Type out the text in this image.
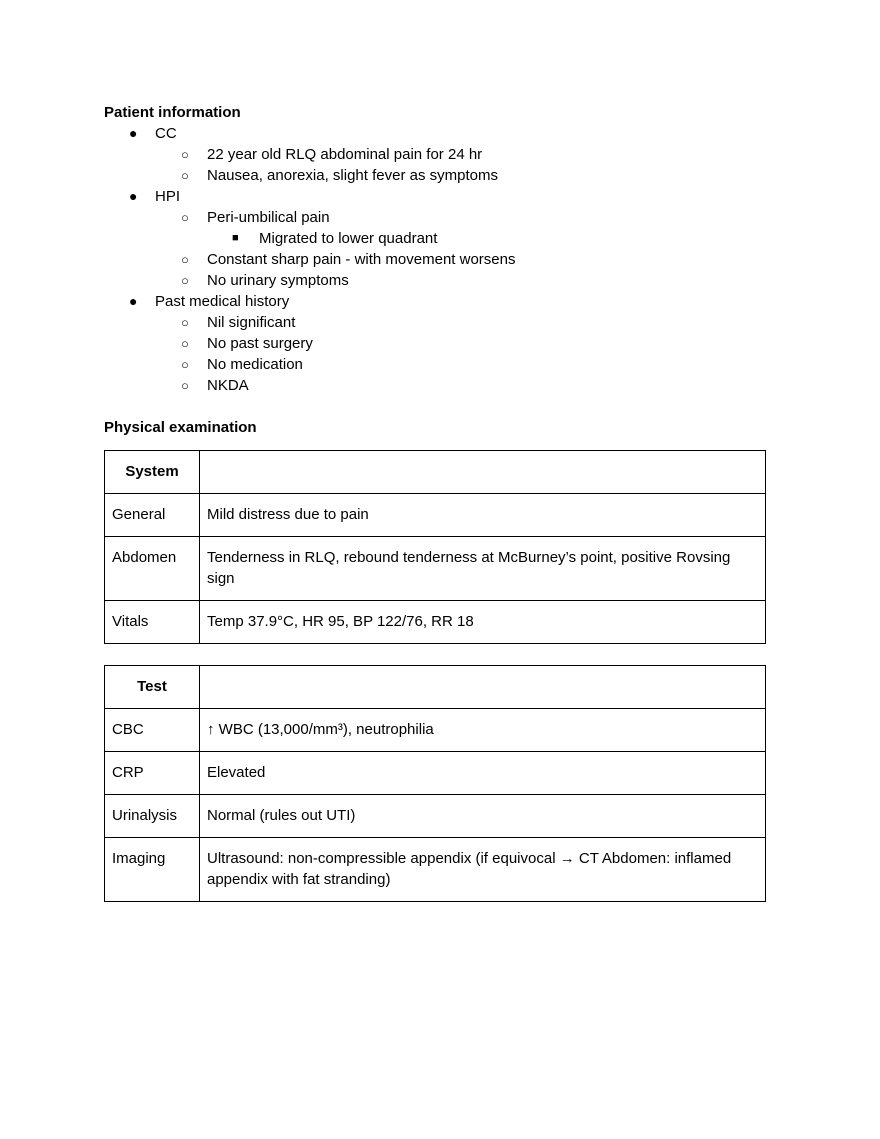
Patient information
● CC
○ 22 year old RLQ abdominal pain for 24 hr
○ Nausea, anorexia, slight fever as symptoms
● HPI
○ Peri-umbilical pain
■ Migrated to lower quadrant
○ Constant sharp pain - with movement worsens
○ No urinary symptoms
● Past medical history
○ Nil significant
○ No past surgery
○ No medication
○ NKDA
Physical examination
System	
General	Mild distress due to pain
Abdomen	Tenderness in RLQ, rebound tenderness at McBurney’s point, positive Rovsing sign
Vitals	Temp 37.9°C, HR 95, BP 122/76, RR 18
Test	
CBC	↑ WBC (13,000/mm³), neutrophilia
CRP	Elevated
Urinalysis	Normal (rules out UTI)
Imaging	Ultrasound: non-compressible appendix (if equivocal → CT Abdomen: inflamed appendix with fat stranding)
